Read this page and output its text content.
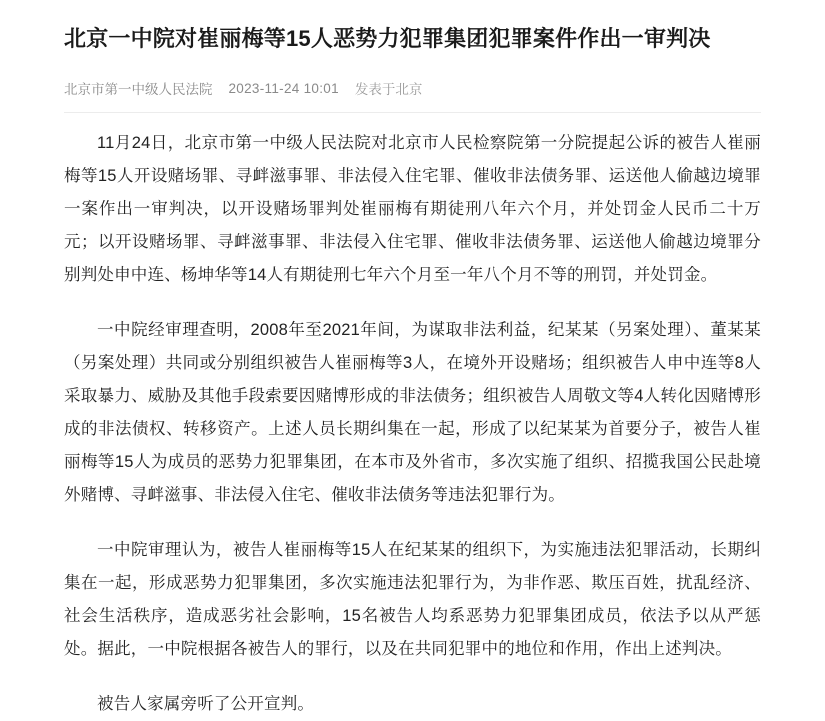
北京一中院对崔丽梅等15人恶势力犯罪集团犯罪案件作出一审判决
北京市第一中级人民法院 2023-11-24 10:01 发表于北京

11月24日，北京市第一中级人民法院对北京市人民检察院第一分院提起公诉的被告人崔丽梅等15人开设赌场罪、寻衅滋事罪、非法侵入住宅罪、催收非法债务罪、运送他人偷越边境罪一案作出一审判决，以开设赌场罪判处崔丽梅有期徒刑八年六个月，并处罚金人民币二十万元；以开设赌场罪、寻衅滋事罪、非法侵入住宅罪、催收非法债务罪、运送他人偷越边境罪分别判处申中连、杨坤华等14人有期徒刑七年六个月至一年八个月不等的刑罚，并处罚金。

一中院经审理查明，2008年至2021年间，为谋取非法利益，纪某某（另案处理）、董某某（另案处理）共同或分别组织被告人崔丽梅等3人，在境外开设赌场；组织被告人申中连等8人采取暴力、威胁及其他手段索要因赌博形成的非法债务；组织被告人周敬文等4人转化因赌博形成的非法债权、转移资产。上述人员长期纠集在一起，形成了以纪某某为首要分子，被告人崔丽梅等15人为成员的恶势力犯罪集团，在本市及外省市，多次实施了组织、招揽我国公民赴境外赌博、寻衅滋事、非法侵入住宅、催收非法债务等违法犯罪行为。

一中院审理认为，被告人崔丽梅等15人在纪某某的组织下，为实施违法犯罪活动，长期纠集在一起，形成恶势力犯罪集团，多次实施违法犯罪行为，为非作恶、欺压百姓，扰乱经济、社会生活秩序，造成恶劣社会影响，15名被告人均系恶势力犯罪集团成员，依法予以从严惩处。据此，一中院根据各被告人的罪行，以及在共同犯罪中的地位和作用，作出上述判决。

被告人家属旁听了公开宣判。
